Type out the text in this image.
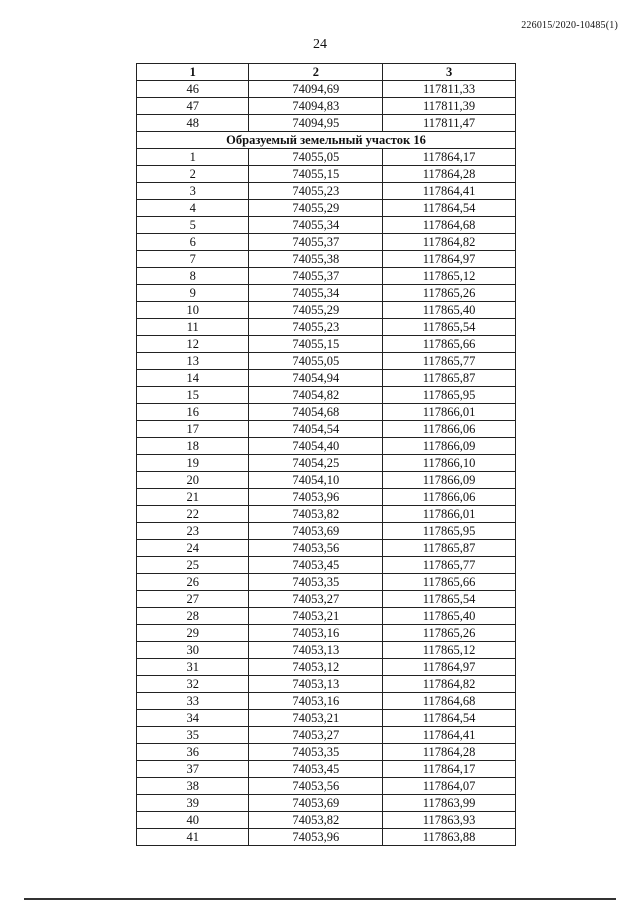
226015/2020-10485(1)
24
1	2	3
46	74094,69	117811,33
47	74094,83	117811,39
48	74094,95	117811,47
Образуемый земельный участок 16		
1	74055,05	117864,17
2	74055,15	117864,28
3	74055,23	117864,41
4	74055,29	117864,54
5	74055,34	117864,68
6	74055,37	117864,82
7	74055,38	117864,97
8	74055,37	117865,12
9	74055,34	117865,26
10	74055,29	117865,40
11	74055,23	117865,54
12	74055,15	117865,66
13	74055,05	117865,77
14	74054,94	117865,87
15	74054,82	117865,95
16	74054,68	117866,01
17	74054,54	117866,06
18	74054,40	117866,09
19	74054,25	117866,10
20	74054,10	117866,09
21	74053,96	117866,06
22	74053,82	117866,01
23	74053,69	117865,95
24	74053,56	117865,87
25	74053,45	117865,77
26	74053,35	117865,66
27	74053,27	117865,54
28	74053,21	117865,40
29	74053,16	117865,26
30	74053,13	117865,12
31	74053,12	117864,97
32	74053,13	117864,82
33	74053,16	117864,68
34	74053,21	117864,54
35	74053,27	117864,41
36	74053,35	117864,28
37	74053,45	117864,17
38	74053,56	117864,07
39	74053,69	117863,99
40	74053,82	117863,93
41	74053,96	117863,88
